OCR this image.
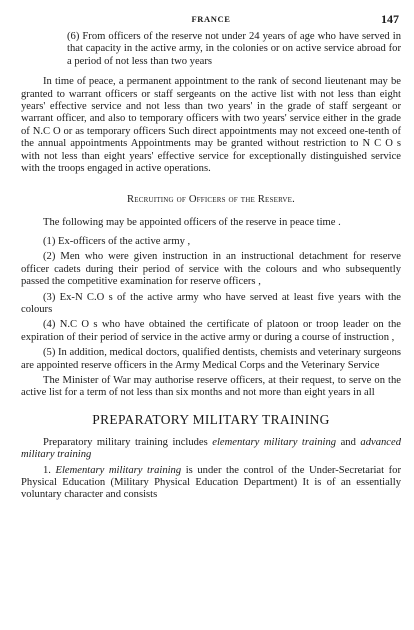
FRANCE	147

(6) From officers of the reserve not under 24 years of age who have served in that capacity in the active army, in the colonies or on active service abroad for a period of not less than two years

In time of peace, a permanent appointment to the rank of second lieutenant may be granted to warrant officers or staff sergeants on the active list with not less than eight years' effective service and not less than two years' in the grade of staff sergeant or warrant officer, and also to temporary officers with two years' service either in the grade of N.C O or as temporary officers Such direct appointments may not exceed one-tenth of the annual appointments Appointments may be granted without restriction to N C O s with not less than eight years' effective service for exceptionally distinguished service with the troops engaged in active operations.

Recruiting of Officers of the Reserve.

The following may be appointed officers of the reserve in peace time .

(1) Ex-officers of the active army ,

(2) Men who were given instruction in an instructional detachment for reserve officer cadets during their period of service with the colours and who subsequently passed the competitive examination for reserve officers ,

(3) Ex-N C.O s of the active army who have served at least five years with the colours

(4) N.C O s who have obtained the certificate of platoon or troop leader on the expiration of their period of service in the active army or during a course of instruction ,

(5) In addition, medical doctors, qualified dentists, chemists and veterinary surgeons are appointed reserve officers in the Army Medical Corps and the Veterinary Service

The Minister of War may authorise reserve officers, at their request, to serve on the active list for a term of not less than six months and not more than eight years in all

PREPARATORY MILITARY TRAINING

Preparatory military training includes elementary military training and advanced military training

1. Elementary military training is under the control of the Under-Secretariat for Physical Education (Military Physical Education Department) It is of an essentially voluntary character and consists
